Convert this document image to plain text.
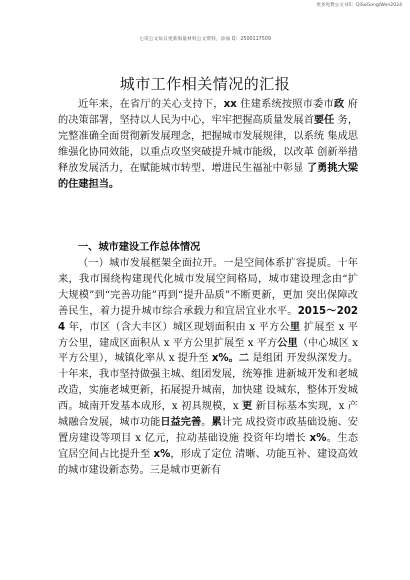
更多免费公文书5：QiSoGong/Wen2024
七哥公文每日更新海量材料公文资料，添加 Q：2500117509
城市工作相关情况的汇报
近年来，在省厅的关心支持下，xx 住建系统按照市委市政 府的决策部署，坚持以人民为中心，牢牢把握高质量发展首要任 务，完整准确全面贯彻新发展理念，把握城市发展规律，以系统 集成思维强化协同效能，以重点攻坚突破提升城市能级，以改革 创新举措释放发展活力，在赋能城市转型、增进民生福祉中彰显 了勇挑大梁的住建担当。
一、城市建设工作总体情况
（一）城市发展框架全面拉开。一是空间体系扩容提质。十年来，我市围绕构建现代化城市发展空间格局，城市建设理念由“扩大规模”到“完善功能”再到“提升品质”不断更新，更加 突出保障改善民生，着力提升城市综合承载力和宜居宜业水平。2015～2024 年，市区（含大丰区）城区现划面积由 x 平方公里 扩展至 x 平方公里，建成区面积从 x 平方公里扩展至 x 平方公里（中心城区 x 平方公里），城镇化率从 x 提升至 x%。二 是组团 开发纵深发力。十年来，我市坚持做强主城、组团发展，统筹推 进新城开发和老城改造，实施老城更新，拓展提升城南，加快建 设城东，整体开发城西。城南开发基本成形，x 初具规模，x 更 新目标基本实现，x 产城融合发展，城市功能日益完善。累计完 成投资市政基础设施、安置房建设等项目 x 亿元，拉动基础设施 投资年均增长 x%。生态宜居空间占比提升至 x%，形成了定位 清晰、功能互补、建设高效的城市建设新态势。三是城市更新有
